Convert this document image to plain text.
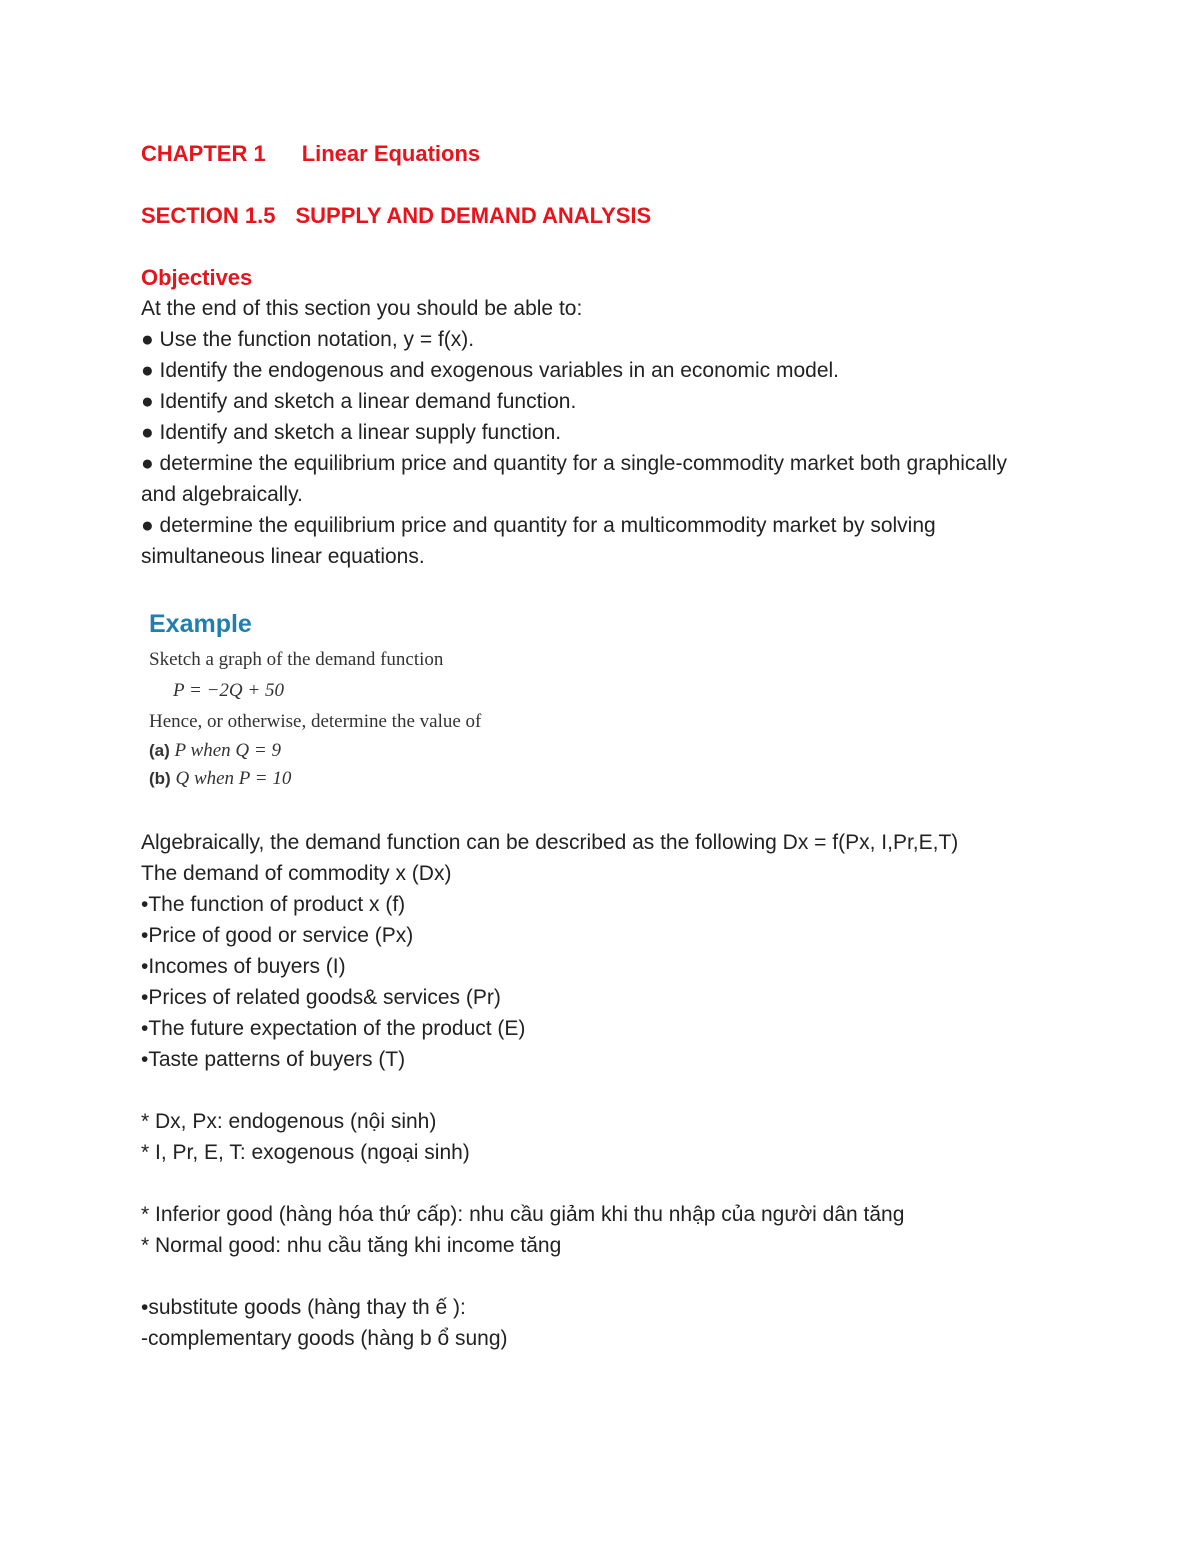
CHAPTER 1 Linear Equations
SECTION 1.5 SUPPLY AND DEMAND ANALYSIS
Objectives
At the end of this section you should be able to:
● Use the function notation, y = f(x).
● Identify the endogenous and exogenous variables in an economic model.
● Identify and sketch a linear demand function.
● Identify and sketch a linear supply function.
● determine the equilibrium price and quantity for a single-commodity market both graphically and algebraically.
● determine the equilibrium price and quantity for a multicommodity market by solving simultaneous linear equations.
Example
Sketch a graph of the demand function
P = −2Q + 50
Hence, or otherwise, determine the value of
(a) P when Q = 9
(b) Q when P = 10
Algebraically, the demand function can be described as the following Dx = f(Px, I,Pr,E,T)
The demand of commodity x (Dx)
•The function of product x (f)
•Price of good or service (Px)
•Incomes of buyers (I)
•Prices of related goods& services (Pr)
•The future expectation of the product (E)
•Taste patterns of buyers (T)
* Dx, Px: endogenous (nội sinh)
* I, Pr, E, T: exogenous (ngoại sinh)
* Inferior good (hàng hóa thứ cấp): nhu cầu giảm khi thu nhập của người dân tăng
* Normal good: nhu cầu tăng khi income tăng
•substitute goods (hàng thay th ế ):
-complementary goods (hàng b ổ sung)
